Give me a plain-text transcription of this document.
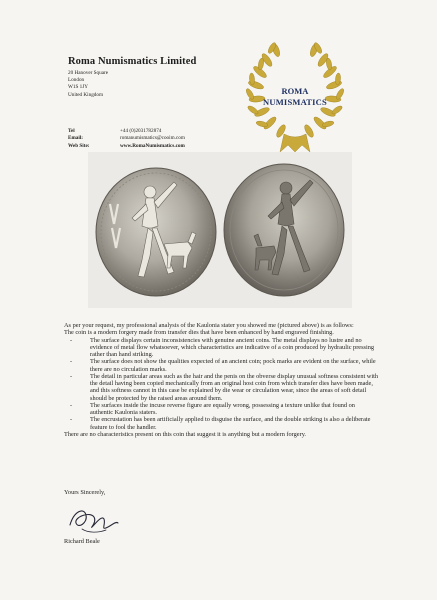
Roma Numismatics Limited
20 Hanover Square
London
W1S 1JY
United Kingdom
Tel	+44 (0)2031782874
Email:	romanumismatics@cooim.com
Web Site:	www.RomaNumismatics.com
ROMA
NUMISMATICS

As per your request, my professional analysis of the Kaulonia stater you showed me (pictured above) is as follows:

The coin is a modern forgery made from transfer dies that have been enhanced by hand engraved finishing.

-	The surface displays certain inconsistencies with genuine ancient coins. The metal displays no lustre and no evidence of metal flow whatsoever, which characteristics are indicative of a coin produced by hydraulic pressing rather than hand striking.
-	The surface does not show the qualities expected of an ancient coin; pock marks are evident on the surface, while there are no circulation marks.
-	The detail in particular areas such as the hair and the penis on the obverse display unusual softness consistent with the detail having been copied mechanically from an original host coin from which transfer dies have been made, and this softness cannot in this case be explained by die wear or circulation wear, since the areas of soft detail should be protected by the raised areas around them.
-	The surfaces inside the incuse reverse figure are equally wrong, possessing a texture unlike that found on authentic Kaulonia staters.
-	The encrustation has been artificially applied to disguise the surface, and the double striking is also a deliberate feature to fool the handler.

There are no characteristics present on this coin that suggest it is anything but a modern forgery.

Yours Sincerely,
Richard Beale
